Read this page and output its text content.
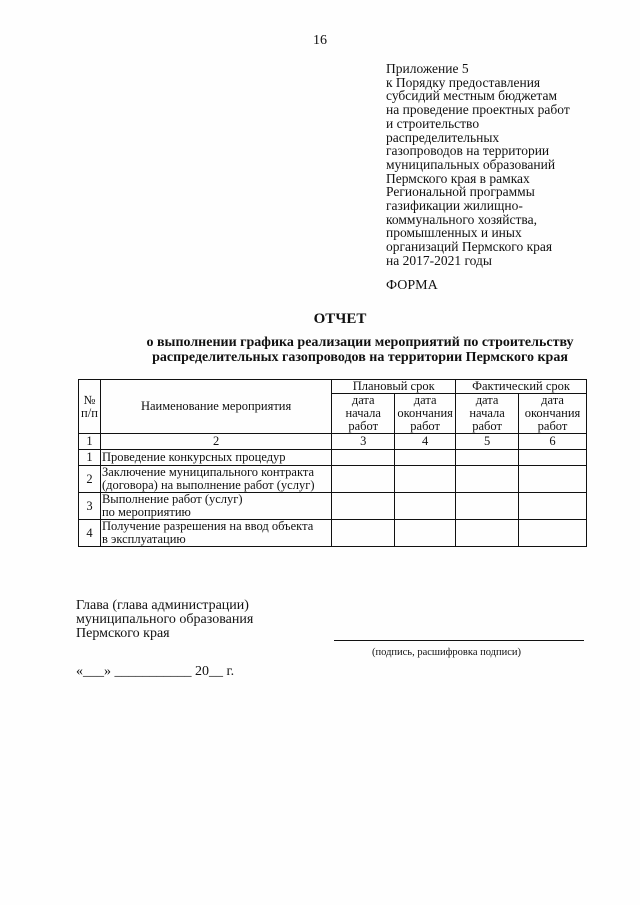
16
Приложение 5
к Порядку предоставления
субсидий местным бюджетам
на проведение проектных работ
и строительство
распределительных
газопроводов на территории
муниципальных образований
Пермского края в рамках
Региональной программы
газификации жилищно-
коммунального хозяйства,
промышленных и иных
организаций Пермского края
на 2017-2021 годы
ФОРМА
ОТЧЕТ
о выполнении графика реализации мероприятий по строительству
распределительных газопроводов на территории Пермского края
№ п/п	Наименование мероприятия	Плановый срок		Фактический срок	
		дата начала работ	дата окончания работ	дата начала работ	дата окончания работ
1	2	3	4	5	6
1	Проведение конкурсных процедур				

2	Заключение муниципального контракта
(договора) на выполнение работ (услуг)				

3	Выполнение работ (услуг)
по мероприятию				

4	Получение разрешения на ввод объекта
в эксплуатацию				

Глава (глава администрации)
муниципального образования
Пермского края
(подпись, расшифровка подписи)
«___» ___________ 20__ г.
